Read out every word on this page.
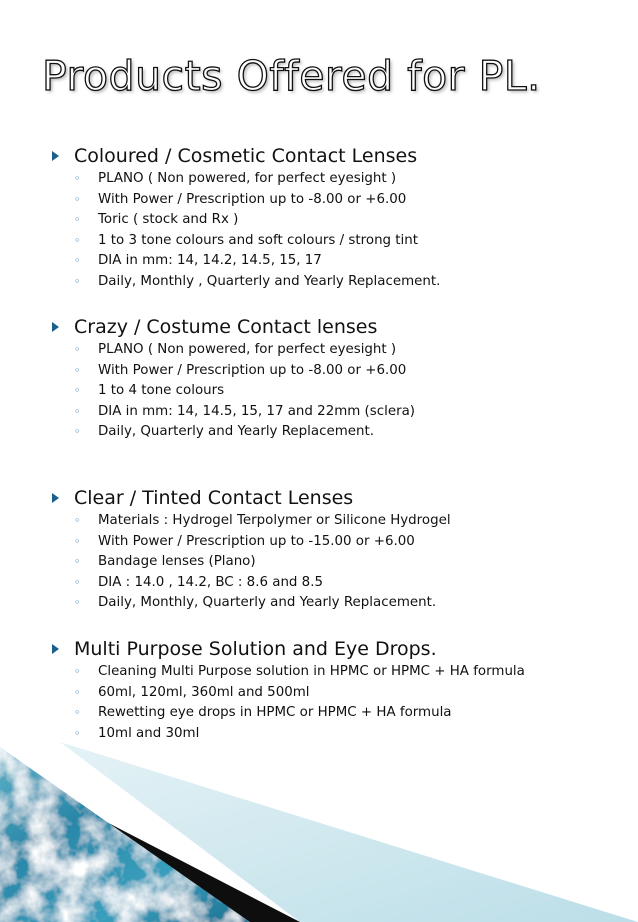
Products Offered for PL.
Coloured / Cosmetic Contact Lenses
◦ PLANO ( Non powered, for perfect eyesight )
◦ With Power / Prescription up to -8.00 or +6.00
◦ Toric ( stock and Rx )
◦ 1 to 3 tone colours and soft colours / strong tint
◦ DIA in mm: 14, 14.2, 14.5, 15, 17
◦ Daily, Monthly , Quarterly and Yearly Replacement.
Crazy / Costume Contact lenses
◦ PLANO ( Non powered, for perfect eyesight )
◦ With Power / Prescription up to -8.00 or +6.00
◦ 1 to 4 tone colours
◦ DIA in mm: 14, 14.5, 15, 17 and 22mm (sclera)
◦ Daily, Quarterly and Yearly Replacement.
Clear / Tinted Contact Lenses
◦ Materials : Hydrogel Terpolymer or Silicone Hydrogel
◦ With Power / Prescription up to -15.00 or +6.00
◦ Bandage lenses (Plano)
◦ DIA : 14.0 , 14.2, BC : 8.6 and 8.5
◦ Daily, Monthly, Quarterly and Yearly Replacement.
Multi Purpose Solution and Eye Drops.
◦ Cleaning Multi Purpose solution in HPMC or HPMC + HA formula
◦ 60ml, 120ml, 360ml and 500ml
◦ Rewetting eye drops in HPMC or HPMC + HA formula
◦ 10ml and 30ml
